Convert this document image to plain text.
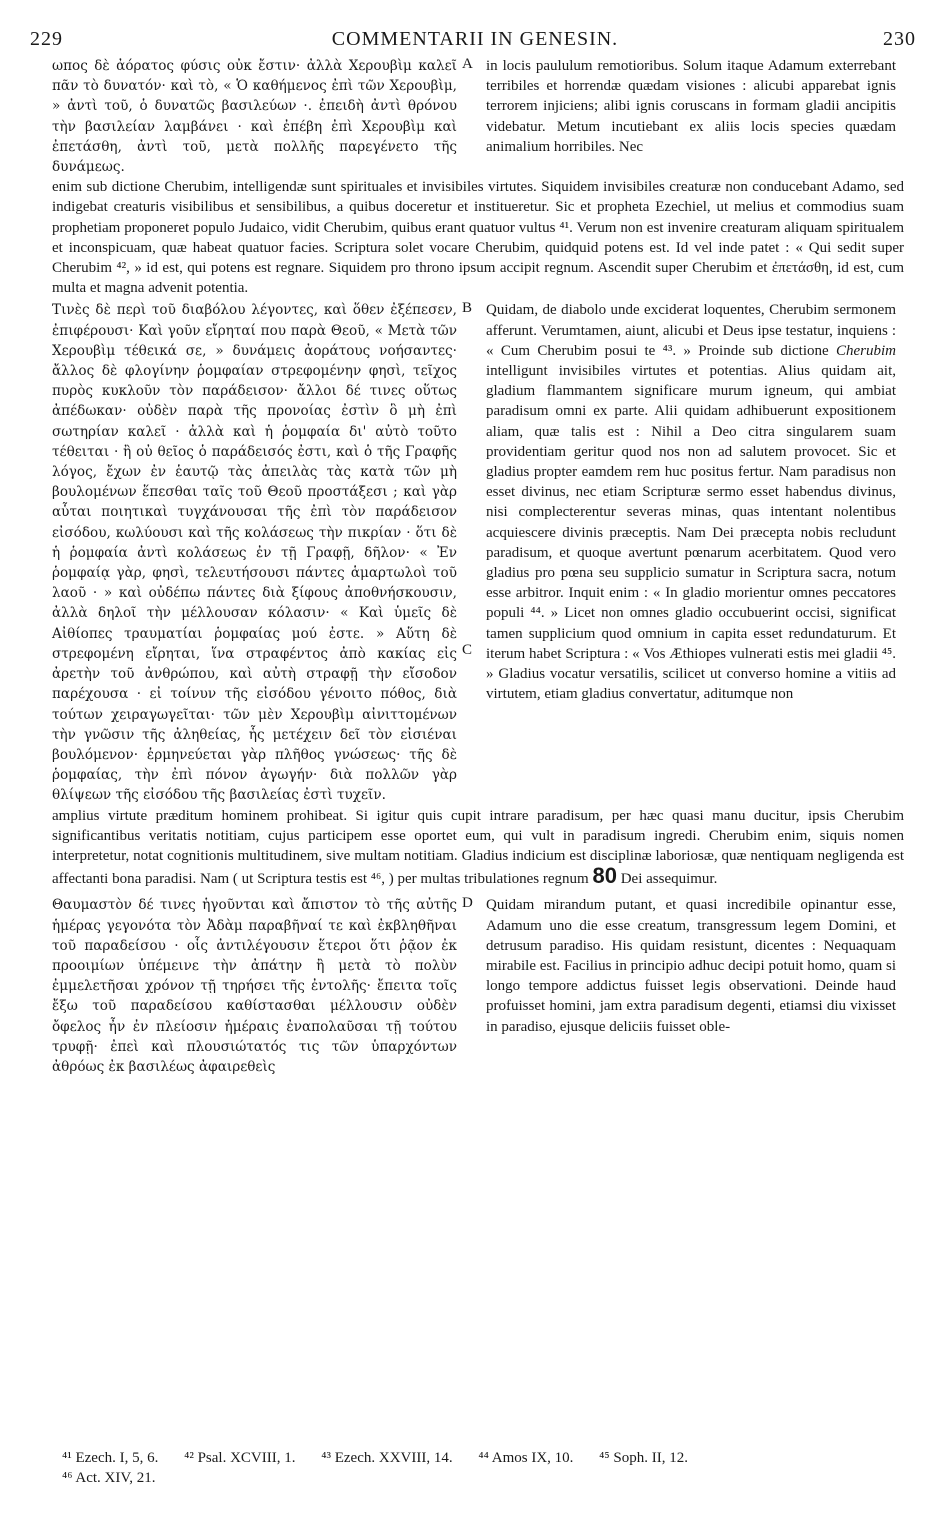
229	COMMENTARII IN GENESIN.	230
ωπος δὲ ἀόρατος φύσις οὐκ ἔστιν· ἀλλὰ Χερουβὶμ καλεῖ πᾶν τὸ δυνατόν· καὶ τὸ, « Ὁ καθήμενος ἐπὶ τῶν Χερουβὶμ, » ἀντὶ τοῦ, ὁ δυνατῶς βασιλεύων ·. ἐπειδὴ ἀντὶ θρόνου τὴν βασιλείαν λαμβάνει · καὶ ἐπέβη ἐπὶ Χερουβὶμ καὶ ἐπετάσθη, ἀντὶ τοῦ, μετὰ πολλῆς παρεγένετο τῆς δυνάμεως.
A in locis paululum remotioribus. Solum itaque Adamum exterrebant terribiles et horrendæ quædam visiones : alicubi apparebat ignis terrorem injiciens; alibi ignis coruscans in formam gladii ancipitis videbatur. Metum incutiebant ex aliis locis species quædam animalium horribiles. Nec
enim sub dictione Cherubim, intelligendæ sunt spirituales et invisibiles virtutes. Siquidem invisibiles creaturæ non conducebant Adamo, sed indigebat creaturis visibilibus et sensibilibus, a quibus doceretur et institueretur. Sic et propheta Ezechiel, ut melius et commodius suam prophetiam proponeret populo Judaico, vidit Cherubim, quibus erant quatuor vultus ⁴¹. Verum non est invenire creaturam aliquam spiritualem et inconspicuam, quæ habeat quatuor facies. Scriptura solet vocare Cherubim, quidquid potens est. Id vel inde patet : « Qui sedit super Cherubim ⁴², » id est, qui potens est regnare. Siquidem pro throno ipsum accipit regnum. Ascendit super Cherubim et ἐπετάσθη, id est, cum multa et magna advenit potentia.
Τινὲς δὲ περὶ τοῦ διαβόλου λέγοντες, καὶ ὅθεν ἐξέπεσεν, ἐπιφέρουσι· Καὶ γοῦν εἴρηταί που παρὰ Θεοῦ, « Μετὰ τῶν Χερουβὶμ τέθεικά σε, » δυνάμεις ἀοράτους νοήσαντες· ἄλλος δὲ φλογίνην ῥομφαίαν στρεφομένην φησὶ, τεῖχος πυρὸς κυκλοῦν τὸν παράδεισον· ἄλλοι δέ τινες οὕτως ἀπέδωκαν· οὐδὲν παρὰ τῆς προνοίας ἐστὶν ὃ μὴ ἐπὶ σωτηρίαν καλεῖ · ἀλλὰ καὶ ἡ ῥομφαία δι' αὐτὸ τοῦτο τέθειται · ἢ οὐ θεῖος ὁ παράδεισός ἐστι, καὶ ὁ τῆς Γραφῆς λόγος, ἔχων ἐν ἑαυτῷ τὰς ἀπειλὰς τὰς κατὰ τῶν μὴ βουλομένων ἕπεσθαι ταῖς τοῦ Θεοῦ προστάξεσι ; καὶ γὰρ αὗται ποιητικαὶ τυγχάνουσαι τῆς ἐπὶ τὸν παράδεισον εἰσόδου, κωλύουσι καὶ τῆς κολάσεως τὴν πικρίαν · ὅτι δὲ ἡ ῥομφαία ἀντὶ κολάσεως ἐν τῇ Γραφῇ, δῆλον· « Ἐν ῥομφαίᾳ γὰρ, φησὶ, τελευτήσουσι πάντες ἁμαρτωλοὶ τοῦ λαοῦ · » καὶ οὐδέπω πάντες διὰ ξίφους ἀποθνήσκουσιν, ἀλλὰ δηλοῖ τὴν μέλλουσαν κόλασιν· « Καὶ ὑμεῖς δὲ Αἰθίοπες τραυματίαι ῥομφαίας μού ἐστε. » Αὕτη δὲ στρεφομένη εἴρηται, ἵνα στραφέντος ἀπὸ κακίας εἰς ἀρετὴν τοῦ ἀνθρώπου, καὶ αὐτὴ στραφῇ τὴν εἴσοδον παρέχουσα · εἰ τοίνυν τῆς εἰσόδου γένοιτο πόθος, διὰ τούτων χειραγωγεῖται· τῶν μὲν Χερουβὶμ αἰνιττομένων τὴν γνῶσιν τῆς ἀληθείας, ἧς μετέχειν δεῖ τὸν εἰσιέναι βουλόμενον· ἑρμηνεύεται γὰρ πλῆθος γνώσεως· τῆς δὲ ῥομφαίας, τὴν ἐπὶ πόνον ἀγωγήν· διὰ πολλῶν γὰρ θλίψεων τῆς εἰσόδου τῆς βασιλείας ἐστὶ τυχεῖν.
B
C
Quidam, de diabolo unde exciderat loquentes, Cherubim sermonem afferunt. Verumtamen, aiunt, alicubi et Deus ipse testatur, inquiens : « Cum Cherubim posui te ⁴³. » Proinde sub dictione Cherubim intelligunt invisibiles virtutes et potentias. Alius quidam ait, gladium flammantem significare murum igneum, qui ambiat paradisum omni ex parte. Alii quidam adhibuerunt expositionem aliam, quæ talis est : Nihil a Deo citra singularem suam providentiam geritur quod nos non ad salutem provocet. Sic et gladius propter eamdem rem huc positus fertur. Nam paradisus non esset divinus, nec etiam Scripturæ sermo esset habendus divinus, nisi complecterentur severas minas, quas intentant nolentibus acquiescere divinis præceptis. Nam Dei præcepta nobis recludunt paradisum, et quoque avertunt pœnarum acerbitatem. Quod vero gladius pro pœna seu supplicio sumatur in Scriptura sacra, notum esse arbitror. Inquit enim : « In gladio morientur omnes peccatores populi ⁴⁴. » Licet non omnes gladio occubuerint occisi, significat tamen supplicium quod omnium in capita esset redundaturum. Et iterum habet Scriptura : « Vos Æthiopes vulnerati estis mei gladii ⁴⁵. » Gladius vocatur versatilis, scilicet ut converso homine a vitiis ad virtutem, etiam gladius convertatur, aditumque non
amplius virtute præditum hominem prohibeat. Si igitur quis cupit intrare paradisum, per hæc quasi manu ducitur, ipsis Cherubim significantibus veritatis notitiam, cujus participem esse oportet eum, qui vult in paradisum ingredi. Cherubim enim, siquis nomen interpretetur, notat cognitionis multitudinem, sive multam notitiam. Gladius indicium est disciplinæ laboriosæ, quæ nentiquam negligenda est affectanti bona paradisi. Nam ( ut Scriptura testis est ⁴⁶, ) per multas tribulationes regnum 80 Dei assequimur.
Θαυμαστὸν δέ τινες ἡγοῦνται καὶ ἄπιστον τὸ τῆς αὐτῆς ἡμέρας γεγονότα τὸν Ἀδὰμ παραβῆναί τε καὶ ἐκβληθῆναι τοῦ παραδείσου · οἷς ἀντιλέγουσιν ἕτεροι ὅτι ῥᾷον ἐκ προοιμίων ὑπέμεινε τὴν ἀπάτην ἢ μετὰ τὸ πολὺν ἐμμελετῆσαι χρόνον τῇ τηρήσει τῆς ἐντολῆς· ἔπειτα τοῖς ἔξω τοῦ παραδείσου καθίστασθαι μέλλουσιν οὐδὲν ὄφελος ἦν ἐν πλείοσιν ἡμέραις ἐναπολαῦσαι τῇ τούτου τρυφῇ· ἐπεὶ καὶ πλουσιώτατός τις τῶν ὑπαρχόντων ἀθρόως ἐκ βασιλέως ἀφαιρεθεὶς
D Quidam mirandum putant, et quasi incredibile opinantur esse, Adamum uno die esse creatum, transgressum legem Domini, et detrusum paradiso. His quidam resistunt, dicentes : Nequaquam mirabile est. Facilius in principio adhuc decipi potuit homo, quam si longo tempore addictus fuisset legis observationi. Deinde haud profuisset homini, jam extra paradisum degenti, etiamsi diu vixisset in paradiso, ejusque deliciis fuisset oble-
⁴¹ Ezech. I, 5, 6. ⁴² Psal. XCVIII, 1. ⁴³ Ezech. XXVIII, 14. ⁴⁴ Amos IX, 10. ⁴⁵ Soph. II, 12.
⁴⁶ Act. XIV, 21.
